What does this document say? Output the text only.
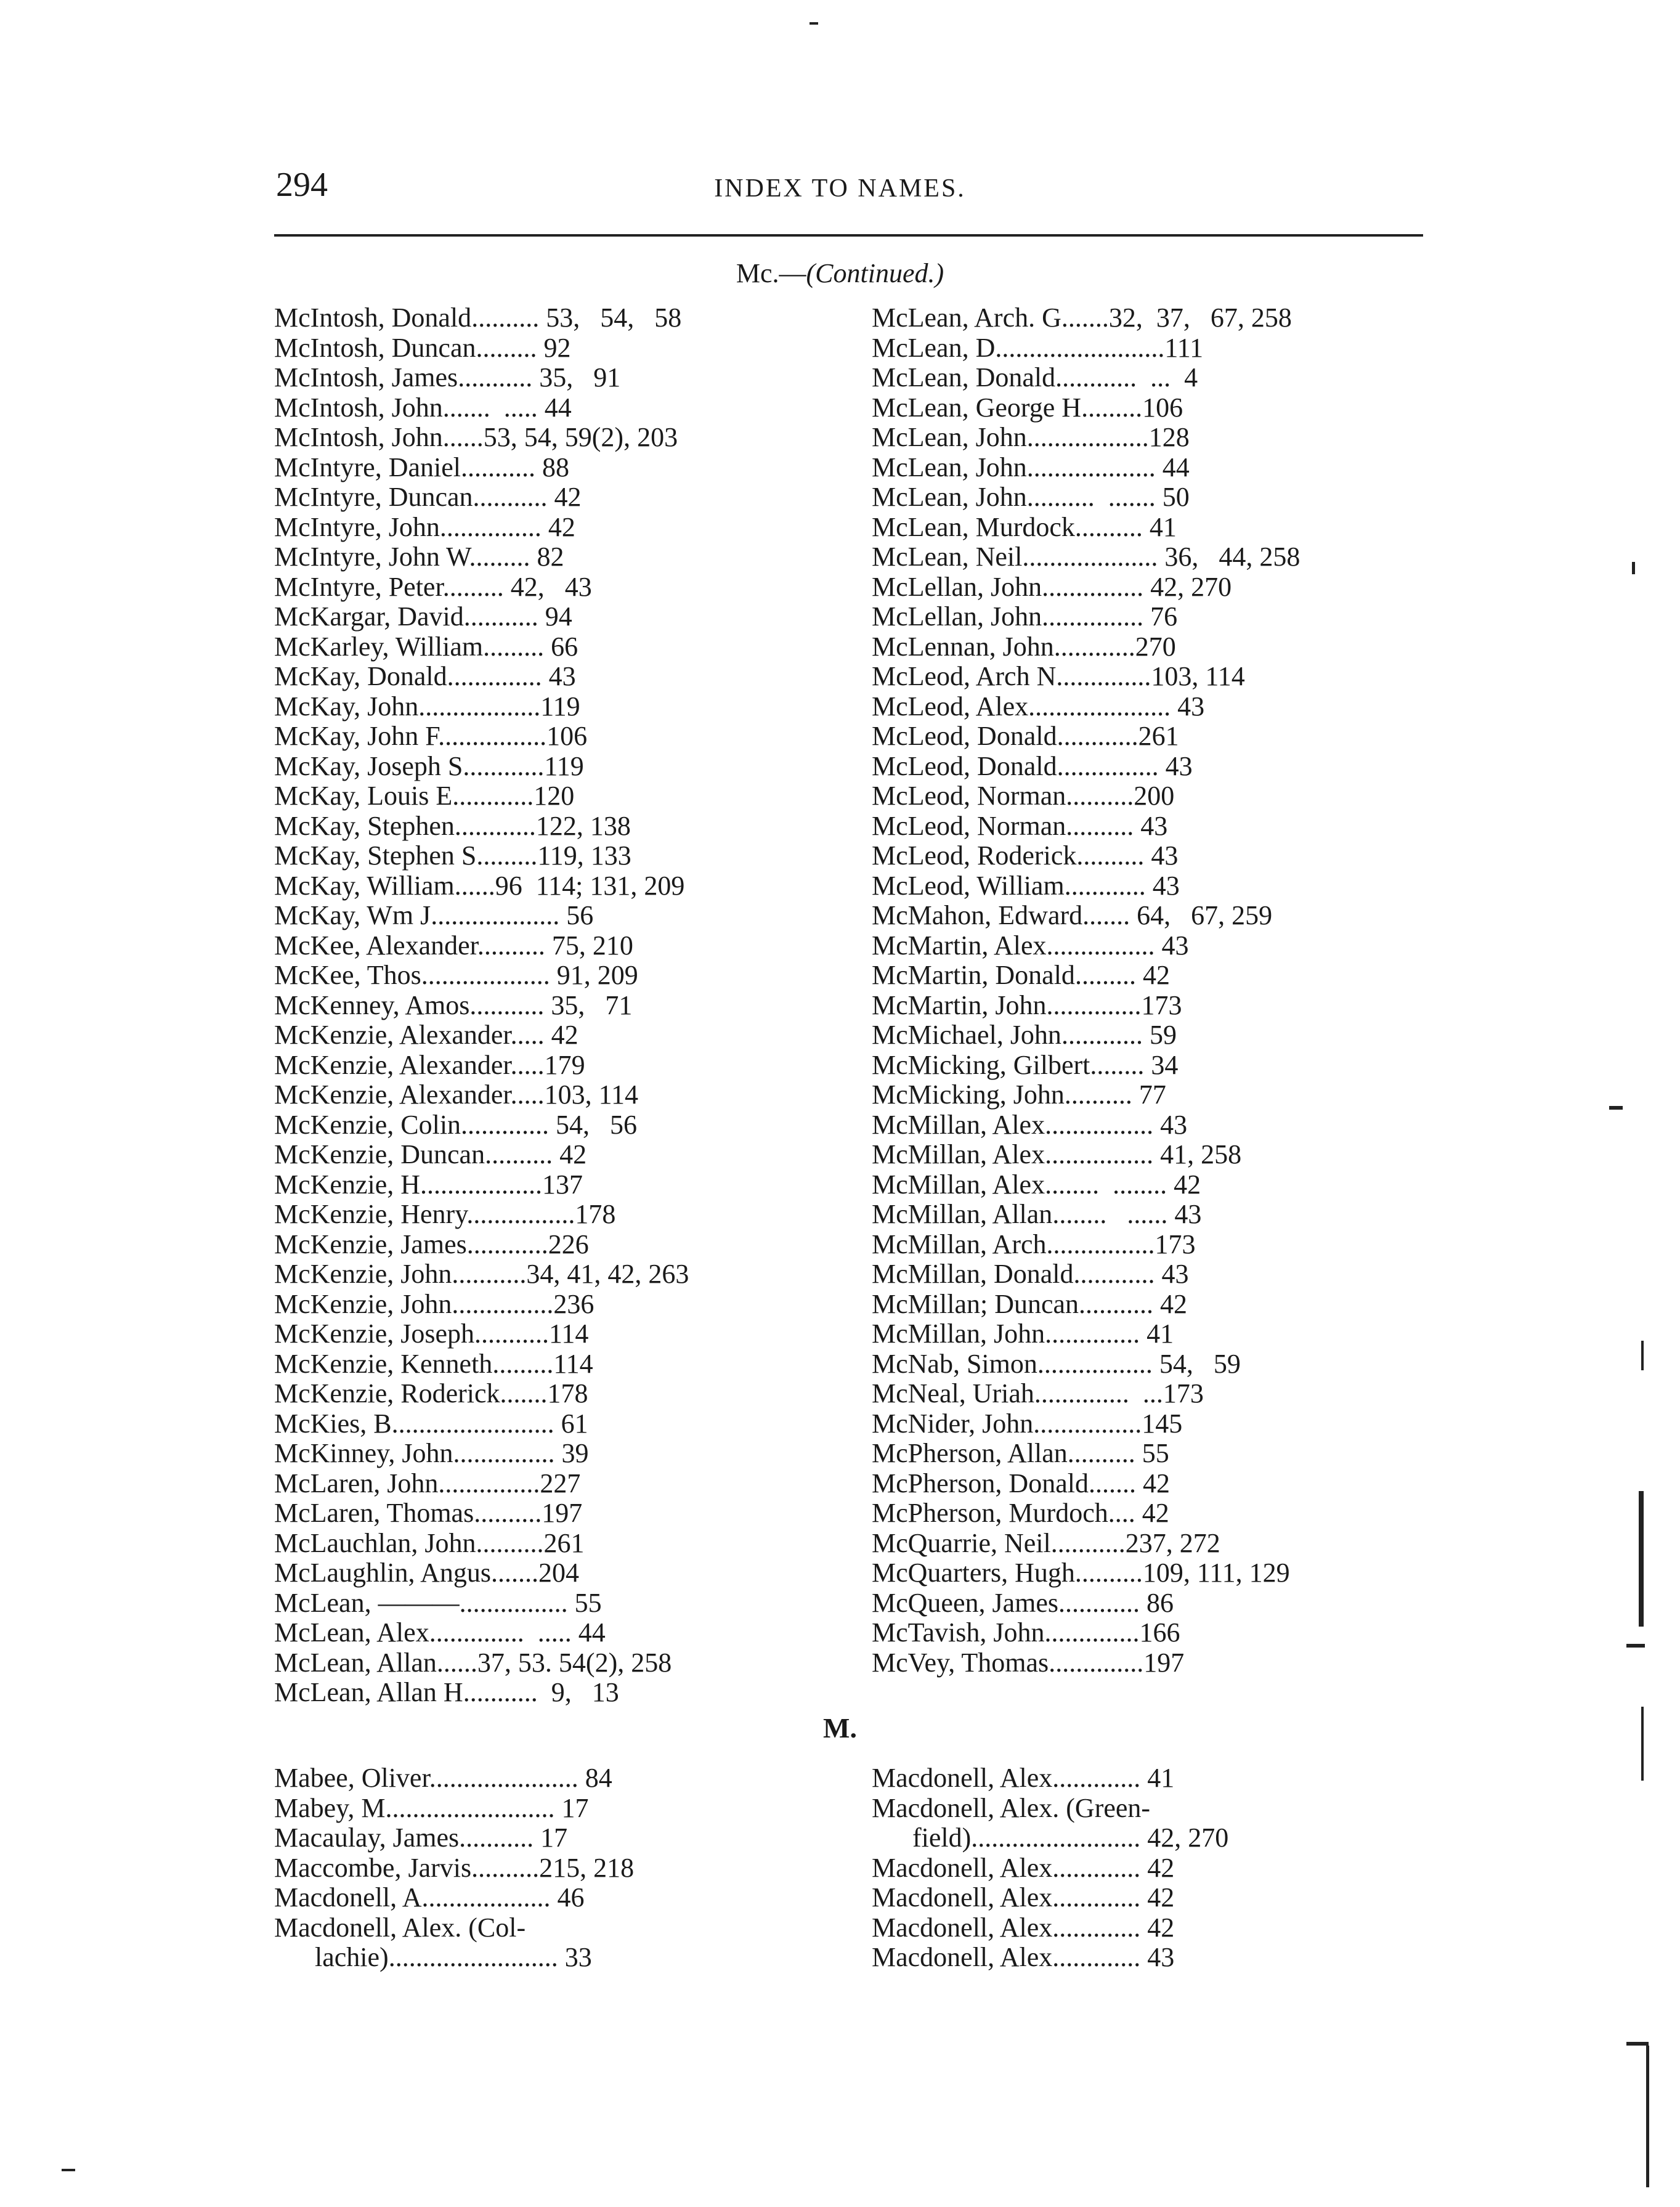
294	INDEX TO NAMES.
Mc.—(Continued.)
McIntosh, Donald.......... 53,   54,   58
McIntosh, Duncan......... 92
McIntosh, James........... 35,   91
McIntosh, John.......  ..... 44
McIntosh, John......53, 54, 59(2), 203
McIntyre, Daniel........... 88
McIntyre, Duncan........... 42
McIntyre, John............... 42
McIntyre, John W......... 82
McIntyre, Peter......... 42,   43
McKargar, David........... 94
McKarley, William......... 66
McKay, Donald.............. 43
McKay, John..................119
McKay, John F................106
McKay, Joseph S............119
McKay, Louis E............120
McKay, Stephen............122, 138
McKay, Stephen S.........119, 133
McKay, William......96  114; 131, 209
McKay, Wm J................... 56
McKee, Alexander.......... 75, 210
McKee, Thos................... 91, 209
McKenney, Amos........... 35,   71
McKenzie, Alexander..... 42
McKenzie, Alexander.....179
McKenzie, Alexander.....103, 114
McKenzie, Colin............. 54,   56
McKenzie, Duncan.......... 42
McKenzie, H..................137
McKenzie, Henry................178
McKenzie, James............226
McKenzie, John...........34, 41, 42, 263
McKenzie, John...............236
McKenzie, Joseph...........114
McKenzie, Kenneth.........114
McKenzie, Roderick.......178
McKies, B........................ 61
McKinney, John............... 39
McLaren, John...............227
McLaren, Thomas..........197
McLauchlan, John..........261
McLaughlin, Angus.......204
McLean, ———................ 55
McLean, Alex..............  ..... 44
McLean, Allan......37, 53. 54(2), 258
McLean, Allan H...........  9,   13
McLean, Arch. G.......32,  37,   67, 258
McLean, D.........................111
McLean, Donald............  ...  4
McLean, George H.........106
McLean, John..................128
McLean, John................... 44
McLean, John..........  ....... 50
McLean, Murdock.......... 41
McLean, Neil.................... 36,   44, 258
McLellan, John............... 42, 270
McLellan, John............... 76
McLennan, John............270
McLeod, Arch N..............103, 114
McLeod, Alex..................... 43
McLeod, Donald............261
McLeod, Donald............... 43
McLeod, Norman..........200
McLeod, Norman.......... 43
McLeod, Roderick.......... 43
McLeod, William............ 43
McMahon, Edward....... 64,   67, 259
McMartin, Alex................ 43
McMartin, Donald......... 42
McMartin, John..............173
McMichael, John............ 59
McMicking, Gilbert........ 34
McMicking, John.......... 77
McMillan, Alex................ 43
McMillan, Alex................ 41, 258
McMillan, Alex........  ........ 42
McMillan, Allan........   ...... 43
McMillan, Arch................173
McMillan, Donald............ 43
McMillan; Duncan........... 42
McMillan, John.............. 41
McNab, Simon................. 54,   59
McNeal, Uriah..............  ...173
McNider, John................145
McPherson, Allan.......... 55
McPherson, Donald....... 42
McPherson, Murdoch.... 42
McQuarrie, Neil...........237, 272
McQuarters, Hugh..........109, 111, 129
McQueen, James............ 86
McTavish, John..............166
McVey, Thomas..............197
M.
Mabee, Oliver...................... 84
Mabey, M......................... 17
Macaulay, James........... 17
Maccombe, Jarvis..........215, 218
Macdonell, A................... 46
Macdonell, Alex. (Col-
lachie)......................... 33
Macdonell, Alex............. 41
Macdonell, Alex. (Green-
field)......................... 42, 270
Macdonell, Alex............. 42
Macdonell, Alex............. 42
Macdonell, Alex............. 42
Macdonell, Alex............. 43
